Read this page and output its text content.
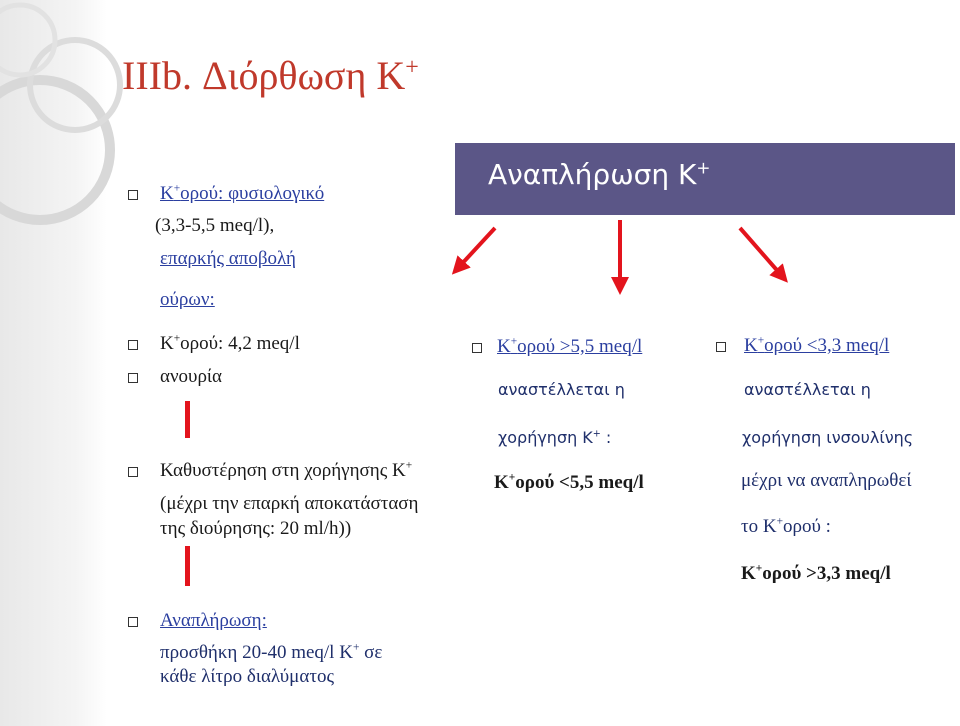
IIIb. Διόρθωση Κ+
Αναπλήρωση Κ+
Κ+ορού: φυσιολογικό
(3,3-5,5 meq/l),
επαρκής αποβολή
ούρων:
Κ+ορού: 4,2 meq/l
ανουρία
Καθυστέρηση στη χορήγησης Κ+
(μέχρι την επαρκή αποκατάσταση
της διούρησης: 20 ml/h))
Αναπλήρωση:
προσθήκη 20-40 meq/l K+ σε
κάθε λίτρο διαλύματος
Κ+ορού >5,5 meq/l
αναστέλλεται η
χορήγηση Κ+ :
Κ+ορού <5,5 meq/l
Κ+ορού <3,3 meq/l
αναστέλλεται η
χορήγηση ινσουλίνης
μέχρι να αναπληρωθεί
το Κ+ορού :
Κ+ορού >3,3 meq/l
